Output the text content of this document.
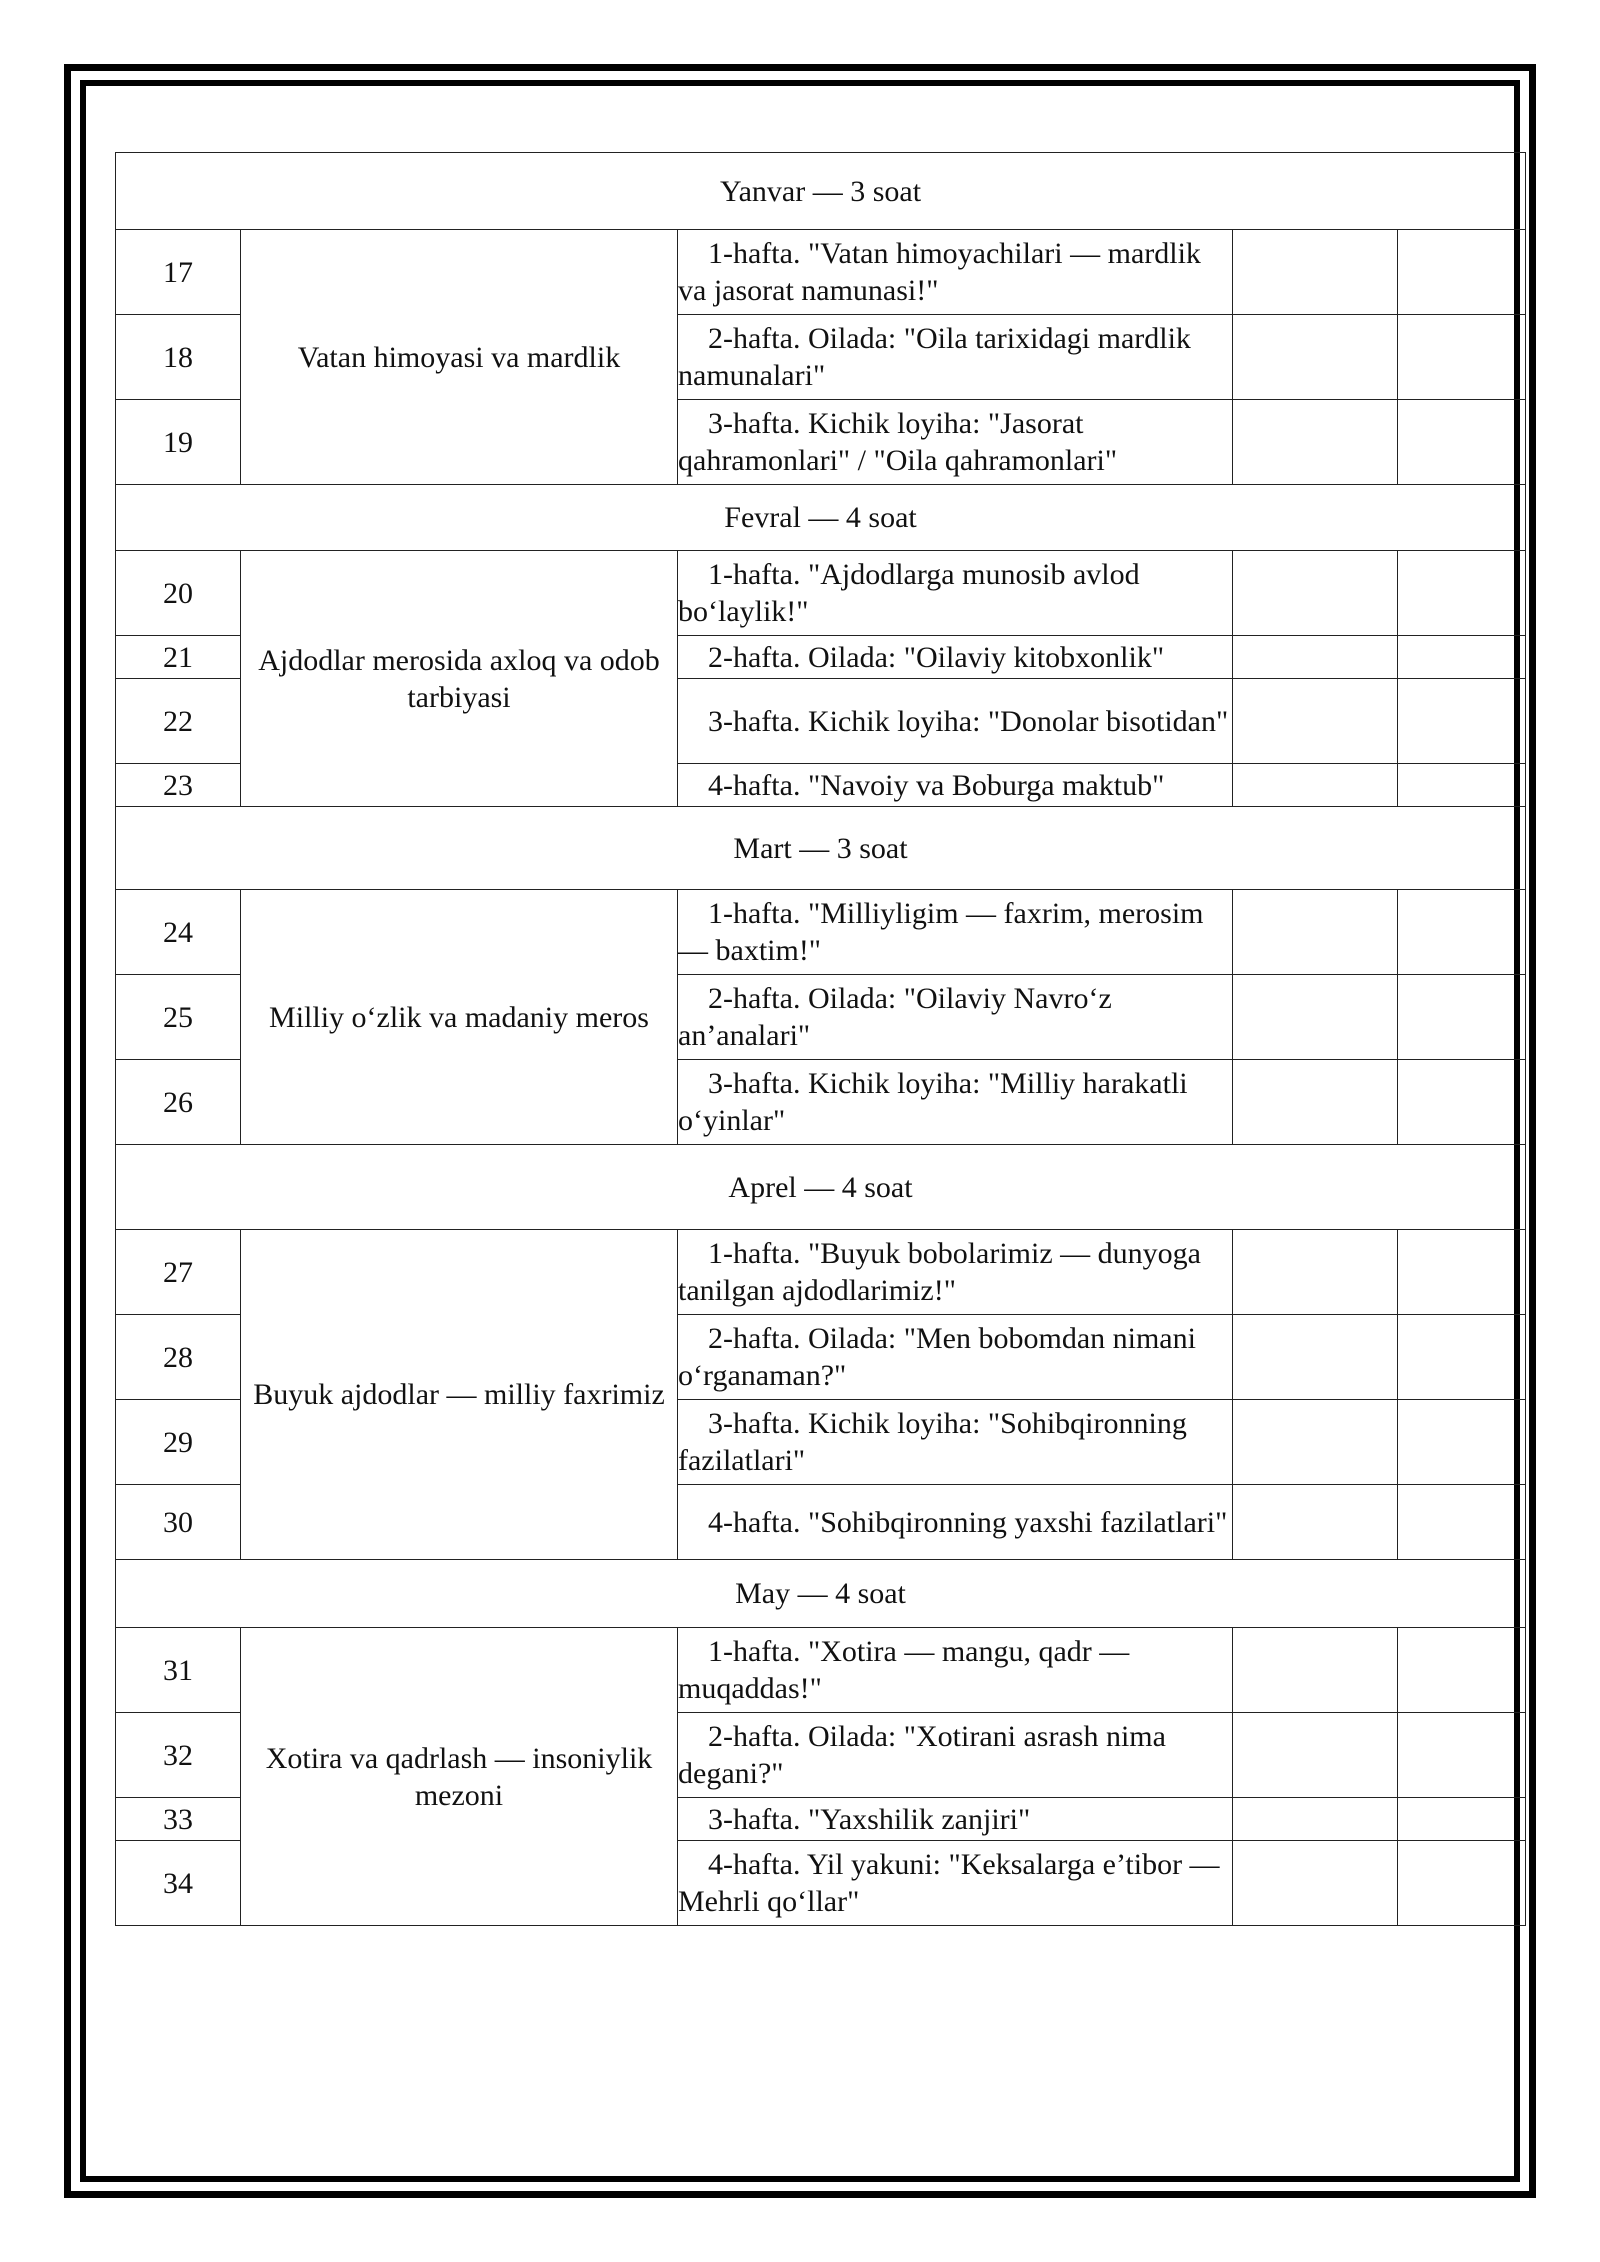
Yanvar — 3 soat				
17	Vatan himoyasi va mardlik	1-hafta. "Vatan himoyachilari — mardlik va jasorat namunasi!"		
18		2-hafta. Oilada: "Oila tarixidagi mardlik namunalari"		
19		3-hafta. Kichik loyiha: "Jasorat qahramonlari" / "Oila qahramonlari"		
Fevral — 4 soat				
20	Ajdodlar merosida axloq va odob tarbiyasi	1-hafta. "Ajdodlarga munosib avlod bo‘laylik!"		
21		2-hafta. Oilada: "Oilaviy kitobxonlik"		
22		3-hafta. Kichik loyiha: "Donolar bisotidan"		
23		4-hafta. "Navoiy va Boburga maktub"		
Mart — 3 soat				
24	Milliy o‘zlik va madaniy meros	1-hafta. "Milliyligim — faxrim, merosim — baxtim!"		
25		2-hafta. Oilada: "Oilaviy Navro‘z an’analari"		
26		3-hafta. Kichik loyiha: "Milliy harakatli o‘yinlar"		
Aprel — 4 soat				
27	Buyuk ajdodlar — milliy faxrimiz	1-hafta. "Buyuk bobolarimiz — dunyoga tanilgan ajdodlarimiz!"		
28		2-hafta. Oilada: "Men bobomdan nimani o‘rganaman?"		
29		3-hafta. Kichik loyiha: "Sohibqironning fazilatlari"		
30		4-hafta. "Sohibqironning yaxshi fazilatlari"		
May — 4 soat				
31	Xotira va qadrlash — insoniylik mezoni	1-hafta. "Xotira — mangu, qadr — muqaddas!"		
32		2-hafta. Oilada: "Xotirani asrash nima degani?"		
33		3-hafta. "Yaxshilik zanjiri"		
34		4-hafta. Yil yakuni: "Keksalarga e’tibor — Mehrli qo‘llar"		
